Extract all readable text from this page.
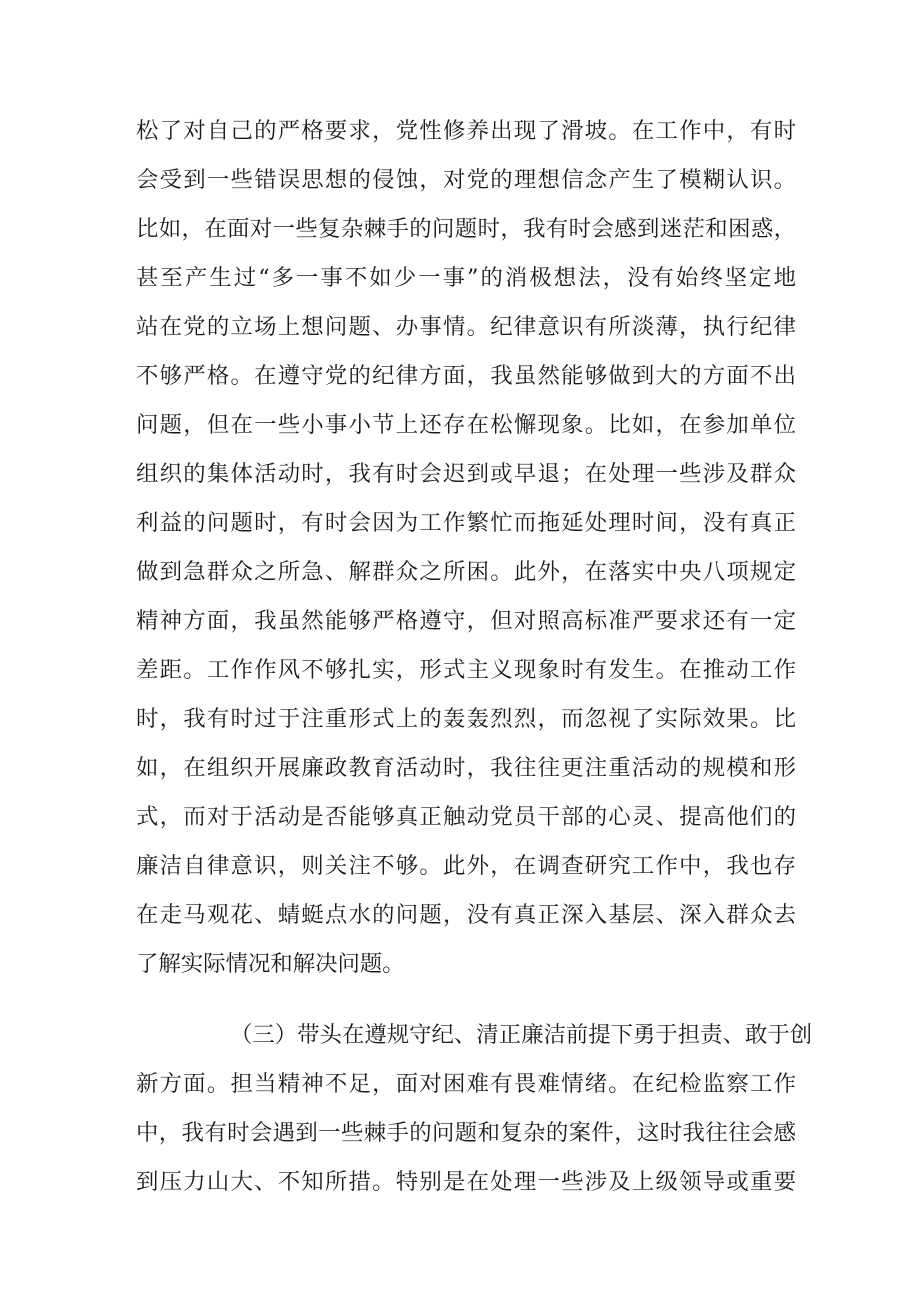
松了对自己的严格要求，党性修养出现了滑坡。在工作中，有时
会受到一些错误思想的侵蚀，对党的理想信念产生了模糊认识。
比如，在面对一些复杂棘手的问题时，我有时会感到迷茫和困惑，
甚至产生过“多一事不如少一事”的消极想法，没有始终坚定地
站在党的立场上想问题、办事情。纪律意识有所淡薄，执行纪律
不够严格。在遵守党的纪律方面，我虽然能够做到大的方面不出
问题，但在一些小事小节上还存在松懈现象。比如，在参加单位
组织的集体活动时，我有时会迟到或早退；在处理一些涉及群众
利益的问题时，有时会因为工作繁忙而拖延处理时间，没有真正
做到急群众之所急、解群众之所困。此外，在落实中央八项规定
精神方面，我虽然能够严格遵守，但对照高标准严要求还有一定
差距。工作作风不够扎实，形式主义现象时有发生。在推动工作
时，我有时过于注重形式上的轰轰烈烈，而忽视了实际效果。比
如，在组织开展廉政教育活动时，我往往更注重活动的规模和形
式，而对于活动是否能够真正触动党员干部的心灵、提高他们的
廉洁自律意识，则关注不够。此外，在调查研究工作中，我也存
在走马观花、蜻蜓点水的问题，没有真正深入基层、深入群众去
了解实际情况和解决问题。
（三）带头在遵规守纪、清正廉洁前提下勇于担责、敢于创
新方面。担当精神不足，面对困难有畏难情绪。在纪检监察工作
中，我有时会遇到一些棘手的问题和复杂的案件，这时我往往会感
到压力山大、不知所措。特别是在处理一些涉及上级领导或重要
